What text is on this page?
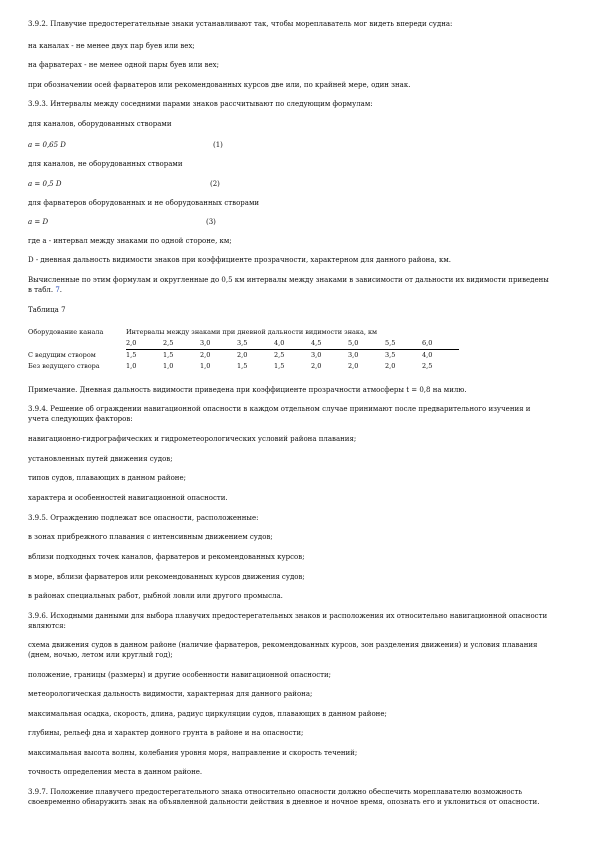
3.9.2. Плавучие предостерегательные знаки устанавливают так, чтобы мореплаватель мог видеть впереди судна:
на каналах - не менее двух пар буев или вех;
на фарватерах - не менее одной пары буев или вех;
при обозначении осей фарватеров или рекомендованных курсов две или, по крайней мере, один знак.
3.9.3. Интервалы между соседними парами знаков рассчитывают по следующим формулам:
для каналов, оборудованных створами
a = 0,65 D	(1)
для каналов, не оборудованных створами
a = 0,5 D	(2)
для фарватеров оборудованных и не оборудованных створами
a = D	(3)
где а - интервал между знаками по одной стороне, км;
D - дневная дальность видимости знаков при коэффициенте прозрачности, характерном для данного района, км.
Вычисленные по этим формулам и округленные до 0,5 км интервалы между знаками в зависимости от дальности их видимости приведены
в табл. 7.
Таблица 7
Оборудование канала	Интервалы между знаками при дневной дальности видимости знака, км								
	2,0	2,5	3,0	3,5	4,0	4,5	5,0	5,5	6,0
С ведущим створом	1,5	1,5	2,0	2,0	2,5	3,0	3,0	3,5	4,0
Без ведущего створа	1,0	1,0	1,0	1,5	1,5	2,0	2,0	2,0	2,5
Примечание. Дневная дальность видимости приведена при коэффициенте прозрачности атмосферы t = 0,8 на милю.
3.9.4. Решение об ограждении навигационной опасности в каждом отдельном случае принимают после предварительного изучения и
учета следующих факторов:
навигационно-гидрографических и гидрометеорологических условий района плавания;
установленных путей движения судов;
типов судов, плавающих в данном районе;
характера и особенностей навигационной опасности.
3.9.5. Ограждению подлежат все опасности, расположенные:
в зонах прибрежного плавания с интенсивным движением судов;
вблизи подходных точек каналов, фарватеров и рекомендованных курсов;
в море, вблизи фарватеров или рекомендованных курсов движения судов;
в районах специальных работ, рыбной ловли или другого промысла.
3.9.6. Исходными данными для выбора плавучих предостерегательных знаков и расположения их относительно навигационной опасности
являются:
схема движения судов в данном районе (наличие фарватеров, рекомендованных курсов, зон разделения движения) и условия плавания
(днем, ночью, летом или круглый год);
положение, границы (размеры) и другие особенности навигационной опасности;
метеорологическая дальность видимости, характерная для данного района;
максимальная осадка, скорость, длина, радиус циркуляции судов, плавающих в данном районе;
глубины, рельеф дна и характер донного грунта в районе и на опасности;
максимальная высота волны, колебания уровня моря, направление и скорость течений;
точность определения места в данном районе.
3.9.7. Положение плавучего предостерегательного знака относительно опасности должно обеспечить мореплавателю возможность
своевременно обнаружить знак на объявленной дальности действия в дневное и ночное время, опознать его и уклониться от опасности.
